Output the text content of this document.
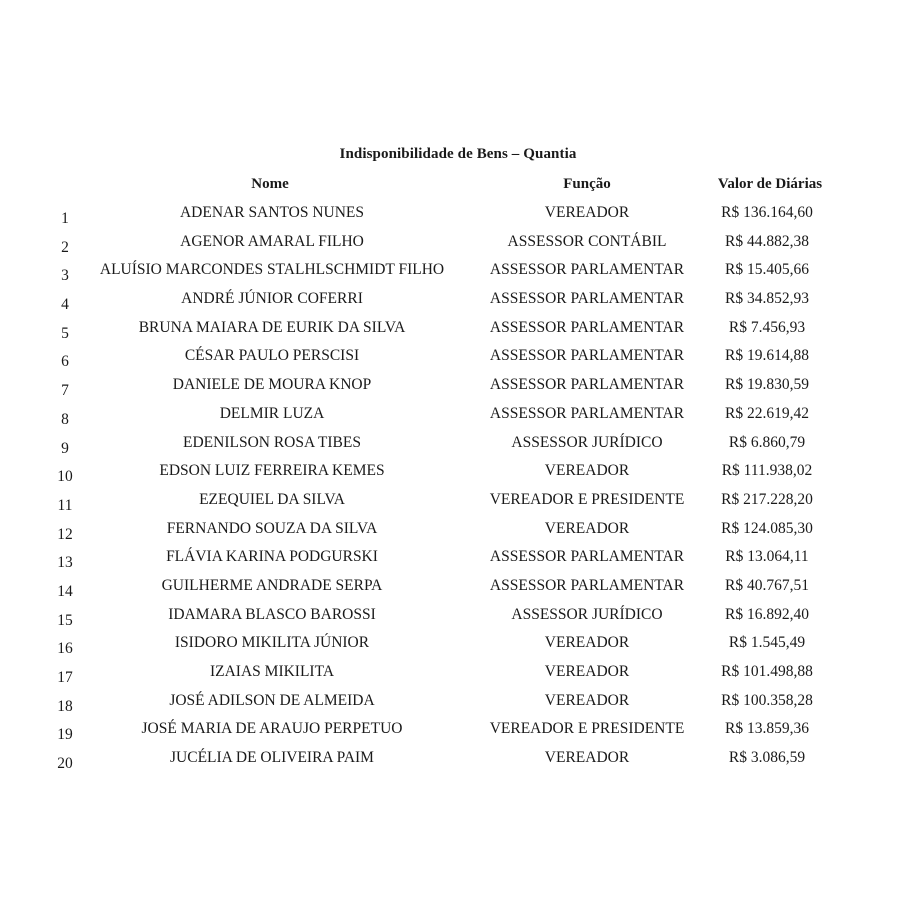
Indisponibilidade de Bens – Quantia
Nome	Função	Valor de Diárias
1	ADENAR SANTOS NUNES	VEREADOR	R$ 136.164,60
2	AGENOR AMARAL FILHO	ASSESSOR CONTÁBIL	R$ 44.882,38
3	ALUÍSIO MARCONDES STALHLSCHMIDT FILHO	ASSESSOR PARLAMENTAR	R$ 15.405,66
4	ANDRÉ JÚNIOR COFERRI	ASSESSOR PARLAMENTAR	R$ 34.852,93
5	BRUNA MAIARA DE EURIK DA SILVA	ASSESSOR PARLAMENTAR	R$ 7.456,93
6	CÉSAR PAULO PERSCISI	ASSESSOR PARLAMENTAR	R$ 19.614,88
7	DANIELE DE MOURA KNOP	ASSESSOR PARLAMENTAR	R$ 19.830,59
8	DELMIR LUZA	ASSESSOR PARLAMENTAR	R$ 22.619,42
9	EDENILSON ROSA TIBES	ASSESSOR JURÍDICO	R$ 6.860,79
10	EDSON LUIZ FERREIRA KEMES	VEREADOR	R$ 111.938,02
11	EZEQUIEL DA SILVA	VEREADOR E PRESIDENTE	R$ 217.228,20
12	FERNANDO SOUZA DA SILVA	VEREADOR	R$ 124.085,30
13	FLÁVIA KARINA PODGURSKI	ASSESSOR PARLAMENTAR	R$ 13.064,11
14	GUILHERME ANDRADE SERPA	ASSESSOR PARLAMENTAR	R$ 40.767,51
15	IDAMARA BLASCO BAROSSI	ASSESSOR JURÍDICO	R$ 16.892,40
16	ISIDORO MIKILITA JÚNIOR	VEREADOR	R$ 1.545,49
17	IZAIAS MIKILITA	VEREADOR	R$ 101.498,88
18	JOSÉ ADILSON DE ALMEIDA	VEREADOR	R$ 100.358,28
19	JOSÉ MARIA DE ARAUJO PERPETUO	VEREADOR E PRESIDENTE	R$ 13.859,36
20	JUCÉLIA DE OLIVEIRA PAIM	VEREADOR	R$ 3.086,59
